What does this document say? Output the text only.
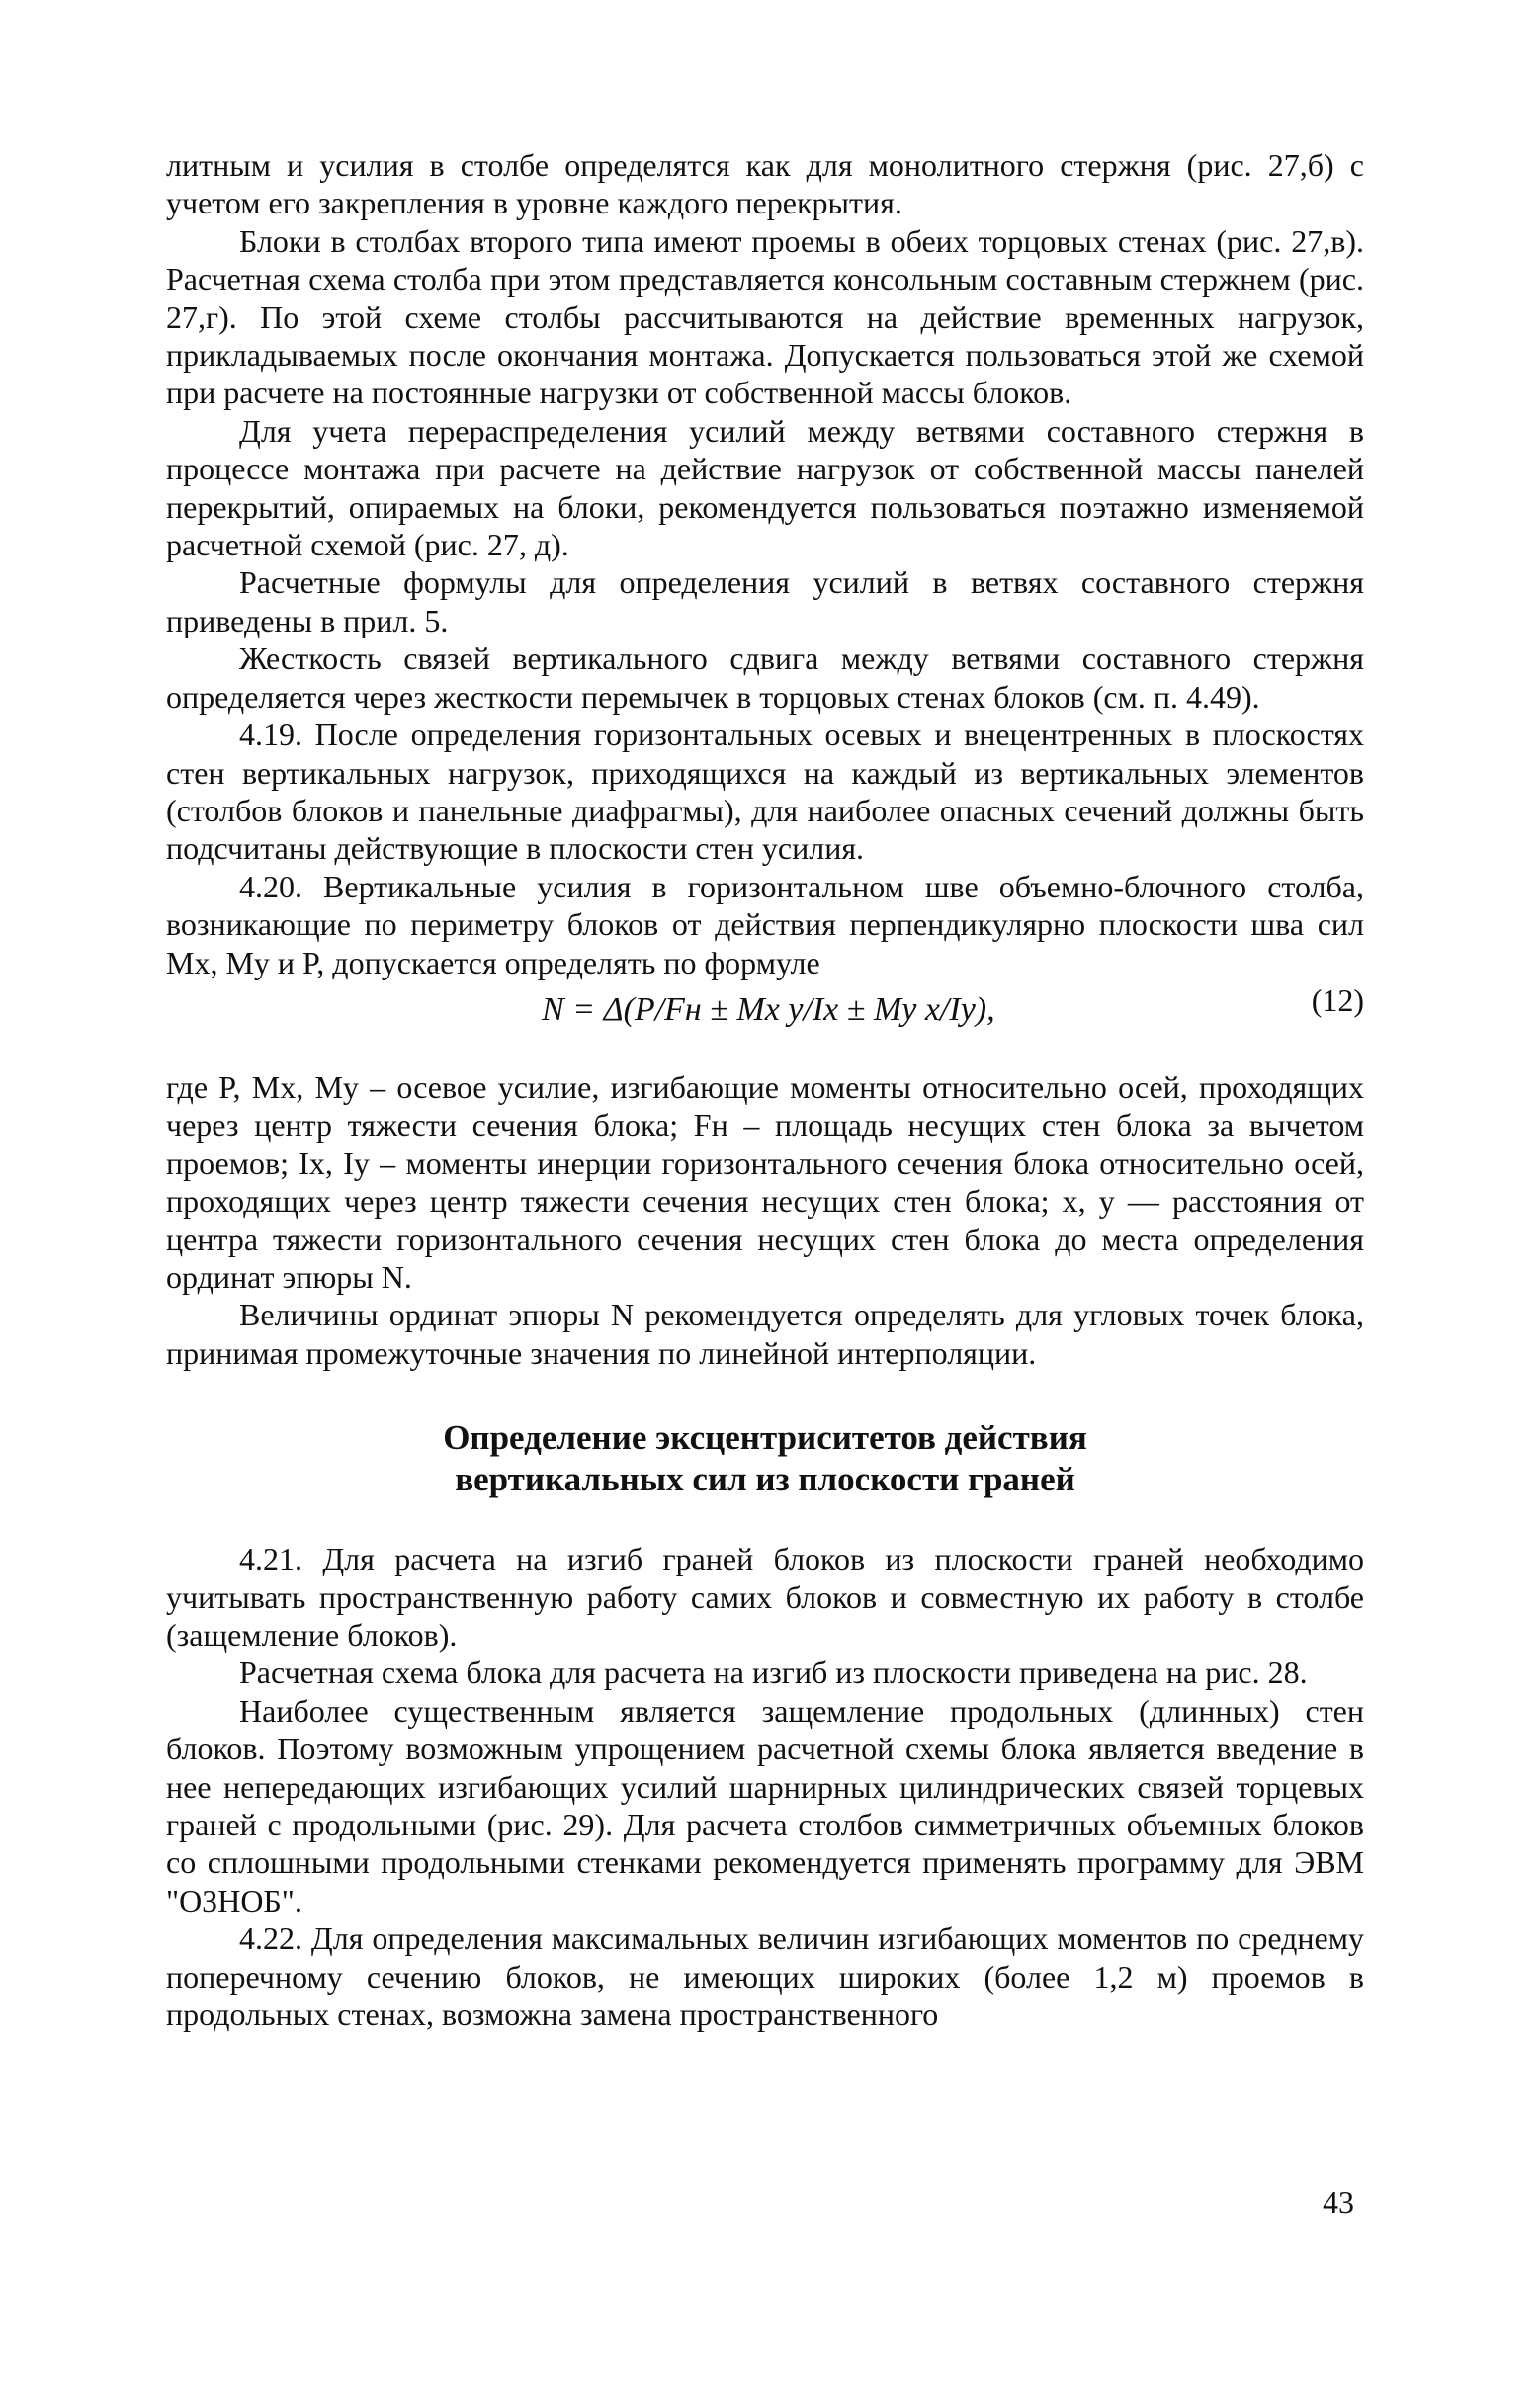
литным и усилия в столбе определятся как для монолитного стержня (рис. 27,б) с учетом его закрепления в уровне каждого перекрытия.

Блоки в столбах второго типа имеют проемы в обеих торцовых стенах (рис. 27,в). Расчетная схема столба при этом представляется консольным составным стержнем (рис. 27,г). По этой схеме столбы рассчитываются на действие временных нагрузок, прикладываемых после окончания монтажа. Допускается пользоваться этой же схемой при расчете на постоянные нагрузки от собственной массы блоков.

Для учета перераспределения усилий между ветвями составного стержня в процессе монтажа при расчете на действие нагрузок от собственной массы панелей перекрытий, опираемых на блоки, рекомендуется пользоваться поэтажно изменяемой расчетной схемой (рис. 27, д).

Расчетные формулы для определения усилий в ветвях составного стержня приведены в прил. 5.

Жесткость связей вертикального сдвига между ветвями составного стержня определяется через жесткости перемычек в торцовых стенах блоков (см. п. 4.49).

4.19. После определения горизонтальных осевых и внецентренных в плоскостях стен вертикальных нагрузок, приходящихся на каждый из вертикальных элементов (столбов блоков и панельные диафрагмы), для наиболее опасных сечений должны быть подсчитаны действующие в плоскости стен усилия.

4.20. Вертикальные усилия в горизонтальном шве объемно-блочного столба, возникающие по периметру блоков от действия перпендикулярно плоскости шва сил Mx, My и P, допускается определять по формуле

N = Δ(P/Fн ± Mx y/Ix ± My x/Iy),	(12)

где P, Mx, My – осевое усилие, изгибающие моменты относительно осей, проходящих через центр тяжести сечения блока; Fн – площадь несущих стен блока за вычетом проемов; Ix, Iy – моменты инерции горизонтального сечения блока относительно осей, проходящих через центр тяжести сечения несущих стен блока; x, y — расстояния от центра тяжести горизонтального сечения несущих стен блока до места определения ординат эпюры N.

Величины ординат эпюры N рекомендуется определять для угловых точек блока, принимая промежуточные значения по линейной интерполяции.

Определение эксцентриситетов действия
вертикальных сил из плоскости граней

4.21. Для расчета на изгиб граней блоков из плоскости граней необходимо учитывать пространственную работу самих блоков и совместную их работу в столбе (защемление блоков).

Расчетная схема блока для расчета на изгиб из плоскости приведена на рис. 28.

Наиболее существенным является защемление продольных (длинных) стен блоков. Поэтому возможным упрощением расчетной схемы блока является введение в нее непередающих изгибающих усилий шарнирных цилиндрических связей торцевых граней с продольными (рис. 29). Для расчета столбов симметричных объемных блоков со сплошными продольными стенками рекомендуется применять программу для ЭВМ "ОЗНОБ".

4.22. Для определения максимальных величин изгибающих моментов по среднему поперечному сечению блоков, не имеющих широких (более 1,2 м) проемов в продольных стенах, возможна замена пространственного

43
